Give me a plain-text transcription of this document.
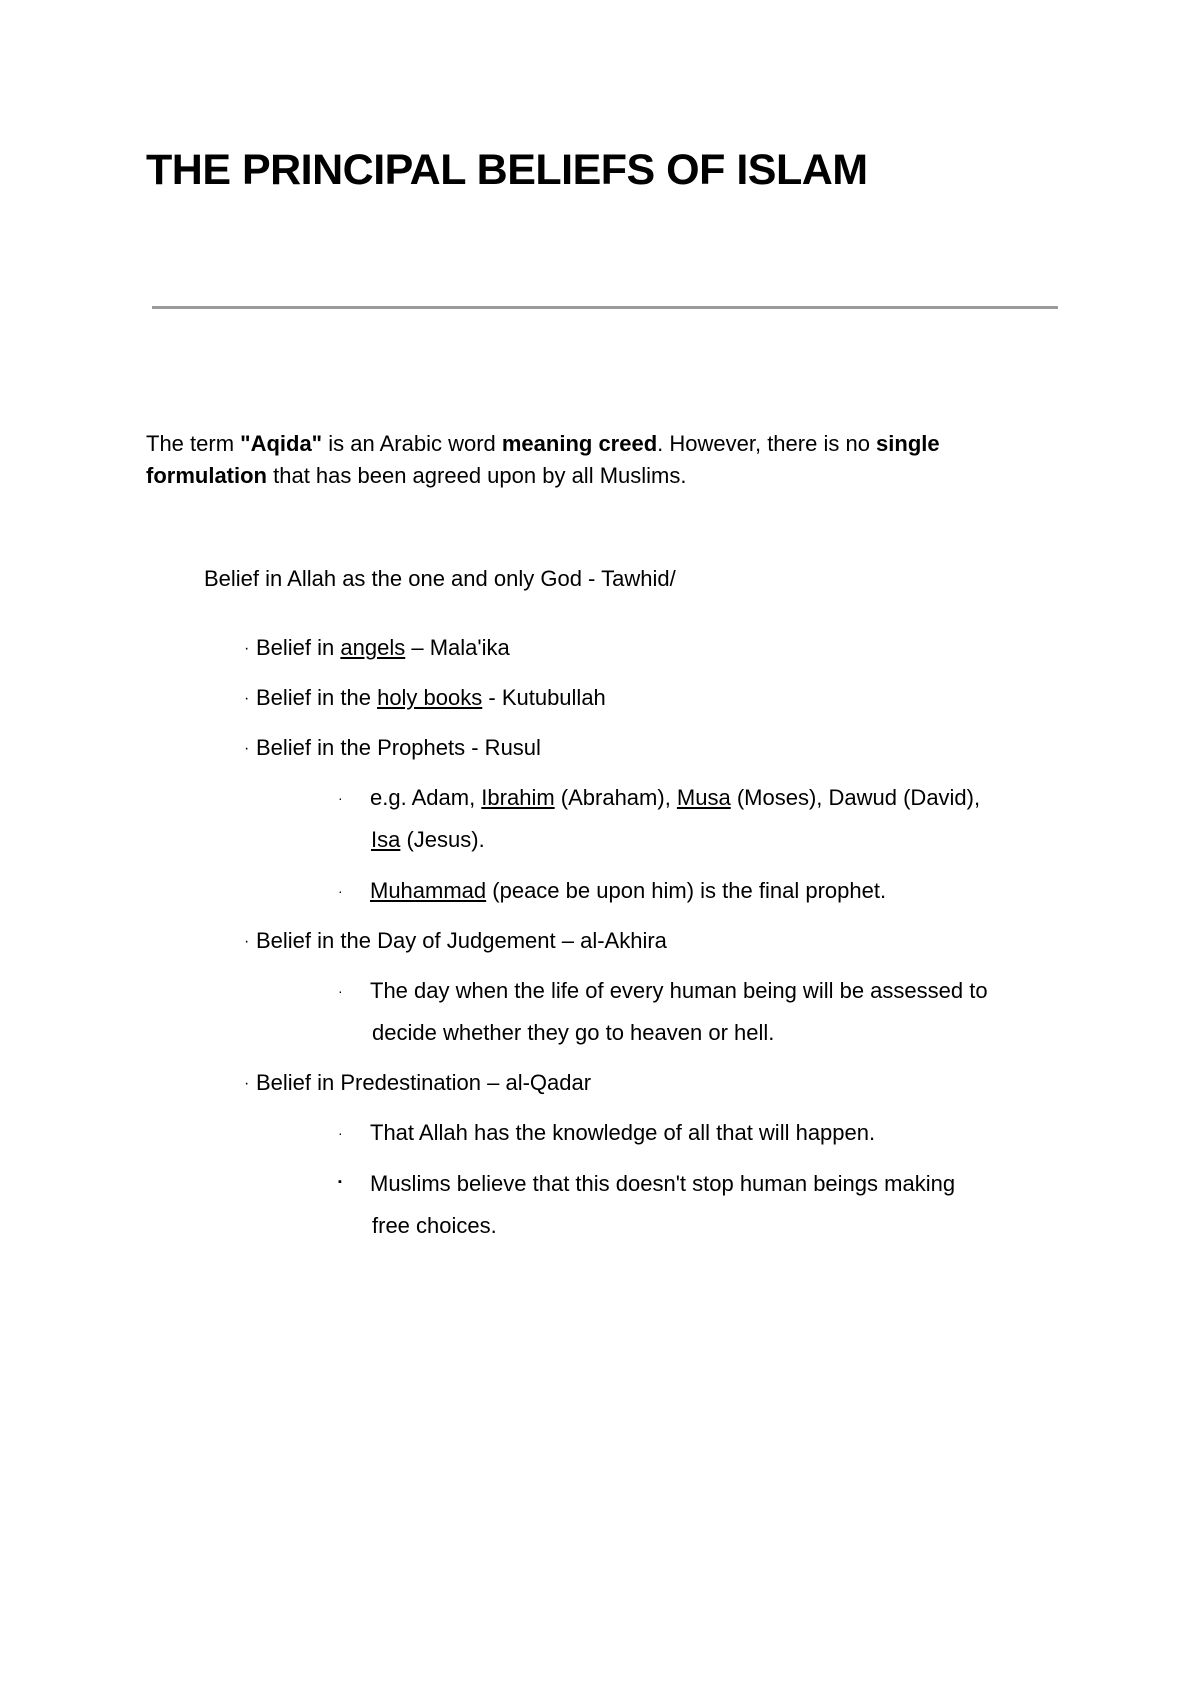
THE PRINCIPAL BELIEFS OF ISLAM
The term "Aqida" is an Arabic word meaning creed. However, there is no single
formulation that has been agreed upon by all Muslims.
Belief in Allah as the one and only God - Tawhid/
· Belief in angels – Mala'ika
· Belief in the holy books - Kutubullah
· Belief in the Prophets - Rusul
· e.g. Adam, Ibrahim (Abraham), Musa (Moses), Dawud (David),
Isa (Jesus).
· Muhammad (peace be upon him) is the final prophet.
· Belief in the Day of Judgement – al-Akhira
· The day when the life of every human being will be assessed to
decide whether they go to heaven or hell.
· Belief in Predestination – al-Qadar
· That Allah has the knowledge of all that will happen.
▪ Muslims believe that this doesn't stop human beings making
free choices.
